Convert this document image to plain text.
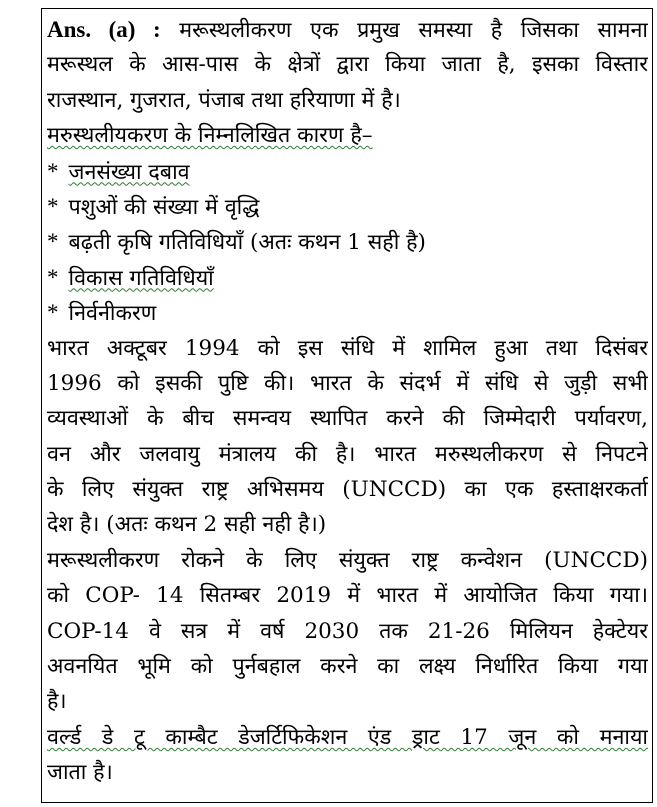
Ans. (a) : मरूस्थलीकरण एक प्रमुख समस्या है जिसका सामना
मरूस्थल के आस-पास के क्षेत्रों द्वारा किया जाता है, इसका विस्तार
राजस्थान, गुजरात, पंजाब तथा हरियाणा में है।
मरुस्थलीयकरण के निम्नलिखित कारण है–
* जनसंख्या दबाव
* पशुओं की संख्या में वृद्धि
* बढ़ती कृषि गतिविधियाँ (अतः कथन 1 सही है)
* विकास गतिविधियाँ
* निर्वनीकरण
भारत अक्टूबर 1994 को इस संधि में शामिल हुआ तथा दिसंबर
1996 को इसकी पुष्टि की। भारत के संदर्भ में संधि से जुड़ी सभी
व्यवस्थाओं के बीच समन्वय स्थापित करने की जिम्मेदारी पर्यावरण,
वन और जलवायु मंत्रालय की है। भारत मरुस्थलीकरण से निपटने
के लिए संयुक्त राष्ट्र अभिसमय (UNCCD) का एक हस्ताक्षरकर्ता
देश है। (अतः कथन 2 सही नही है।)
मरूस्थलीकरण रोकने के लिए संयुक्त राष्ट्र कन्वेशन (UNCCD)
को COP- 14 सितम्बर 2019 में भारत में आयोजित किया गया।
COP-14 वे सत्र में वर्ष 2030 तक 21-26 मिलियन हेक्टेयर
अवनयित भूमि को पुर्नबहाल करने का लक्ष्य निर्धारित किया गया
है।
वर्ल्ड डे टू काम्बैट डेजर्टिफिकेशन एंड ड्राट 17 जून को मनाया
जाता है।
